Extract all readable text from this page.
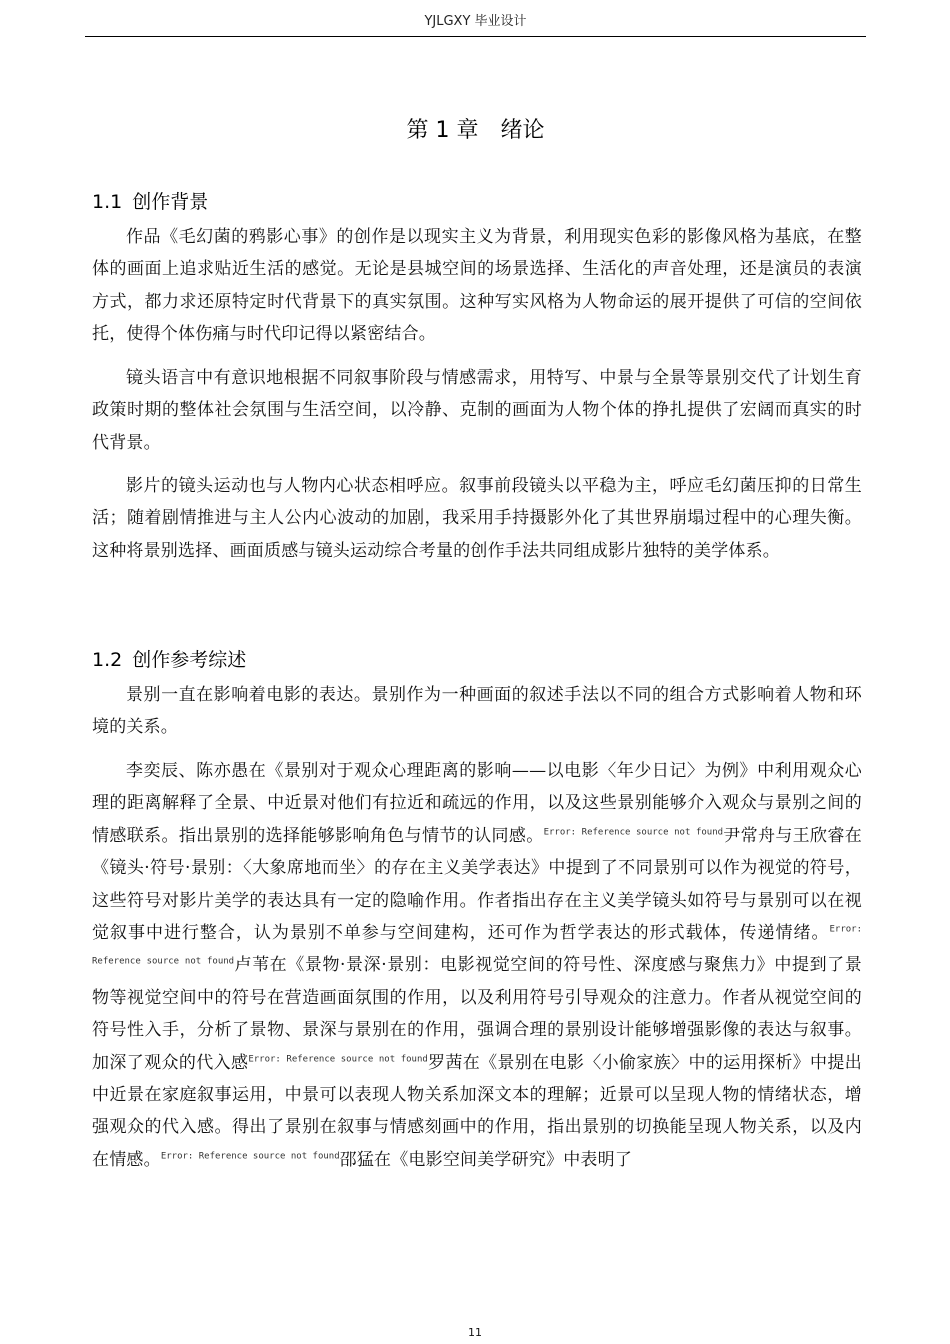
YJLGXY 毕业设计
第 1 章 绪论
1.1 创作背景

作品《毛幻菌的鸦影心事》的创作是以现实主义为背景，利用现实色彩的影像风格为基底，在整体的画面上追求贴近生活的感觉。无论是县城空间的场景选择、生活化的声音处理，还是演员的表演方式，都力求还原特定时代背景下的真实氛围。这种写实风格为人物命运的展开提供了可信的空间依托，使得个体伤痛与时代印记得以紧密结合。

镜头语言中有意识地根据不同叙事阶段与情感需求，用特写、中景与全景等景别交代了计划生育政策时期的整体社会氛围与生活空间，以冷静、克制的画面为人物个体的挣扎提供了宏阔而真实的时代背景。

影片的镜头运动也与人物内心状态相呼应。叙事前段镜头以平稳为主，呼应毛幻菌压抑的日常生活；随着剧情推进与主人公内心波动的加剧，我采用手持摄影外化了其世界崩塌过程中的心理失衡。这种将景别选择、画面质感与镜头运动综合考量的创作手法共同组成影片独特的美学体系。

1.2 创作参考综述

景别一直在影响着电影的表达。景别作为一种画面的叙述手法以不同的组合方式影响着人物和环境的关系。

李奕辰、陈亦愚在《景别对于观众心理距离的影响——以电影〈年少日记〉为例》中利用观众心理的距离解释了全景、中近景对他们有拉近和疏远的作用，以及这些景别能够介入观众与景别之间的情感联系。指出景别的选择能够影响角色与情节的认同感。$^{Error: Reference source not found}$尹常舟与王欣睿在《镜头·符号·景别：〈大象席地而坐〉的存在主义美学表达》中提到了不同景别可以作为视觉的符号，这些符号对影片美学的表达具有一定的隐喻作用。作者指出存在主义美学镜头如符号与景别可以在视觉叙事中进行整合，认为景别不单参与空间建构，还可作为哲学表达的形式载体，传递情绪。$^{Error: Reference source not found}$卢苇在《景物·景深·景别：电影视觉空间的符号性、深度感与聚焦力》中提到了景物等视觉空间中的符号在营造画面氛围的作用，以及利用符号引导观众的注意力。作者从视觉空间的符号性入手，分析了景物、景深与景别在的作用，强调合理的景别设计能够增强影像的表达与叙事。加深了观众的代入感$^{Error: Reference source not found}$罗茜在《景别在电影〈小偷家族〉中的运用探析》中提出中近景在家庭叙事运用，中景可以表现人物关系加深文本的理解；近景可以呈现人物的情绪状态，增强观众的代入感。得出了景别在叙事与情感刻画中的作用，指出景别的切换能呈现人物关系，以及内在情感。$^{Error: Reference source not found}$邵猛在《电影空间美学研究》中表明了

11
